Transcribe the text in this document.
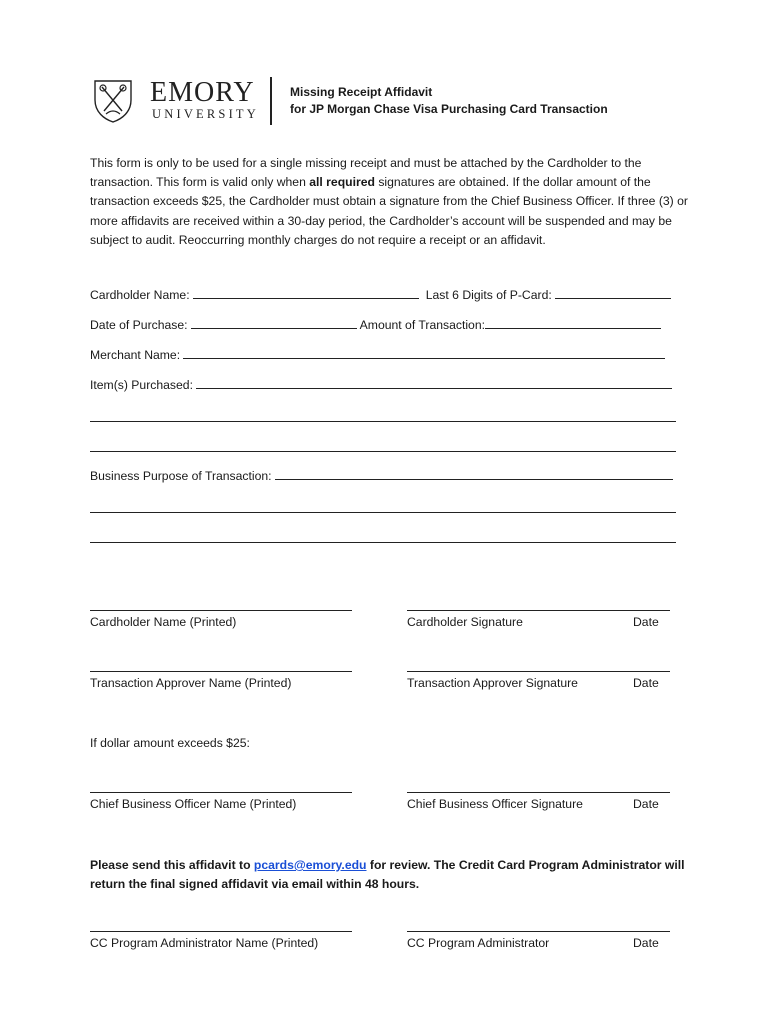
EMORY
UNIVERSITY
Missing Receipt Affidavit
for JP Morgan Chase Visa Purchasing Card Transaction
This form is only to be used for a single missing receipt and must be attached by the Cardholder to the transaction. This form is valid only when all required signatures are obtained. If the dollar amount of the transaction exceeds $25, the Cardholder must obtain a signature from the Chief Business Officer. If three (3) or more affidavits are received within a 30-day period, the Cardholder’s account will be suspended and may be subject to audit. Reoccurring monthly charges do not require a receipt or an affidavit.
Cardholder Name:	Last 6 Digits of P-Card:
Date of Purchase:	Amount of Transaction:
Merchant Name:
Item(s) Purchased:
Business Purpose of Transaction:
Cardholder Name (Printed)	Cardholder Signature	Date
Transaction Approver Name (Printed)	Transaction Approver Signature	Date
If dollar amount exceeds $25:
Chief Business Officer Name (Printed)	Chief Business Officer Signature	Date
Please send this affidavit to pcards@emory.edu for review. The Credit Card Program Administrator will return the final signed affidavit via email within 48 hours.
CC Program Administrator Name (Printed)	CC Program Administrator	Date
